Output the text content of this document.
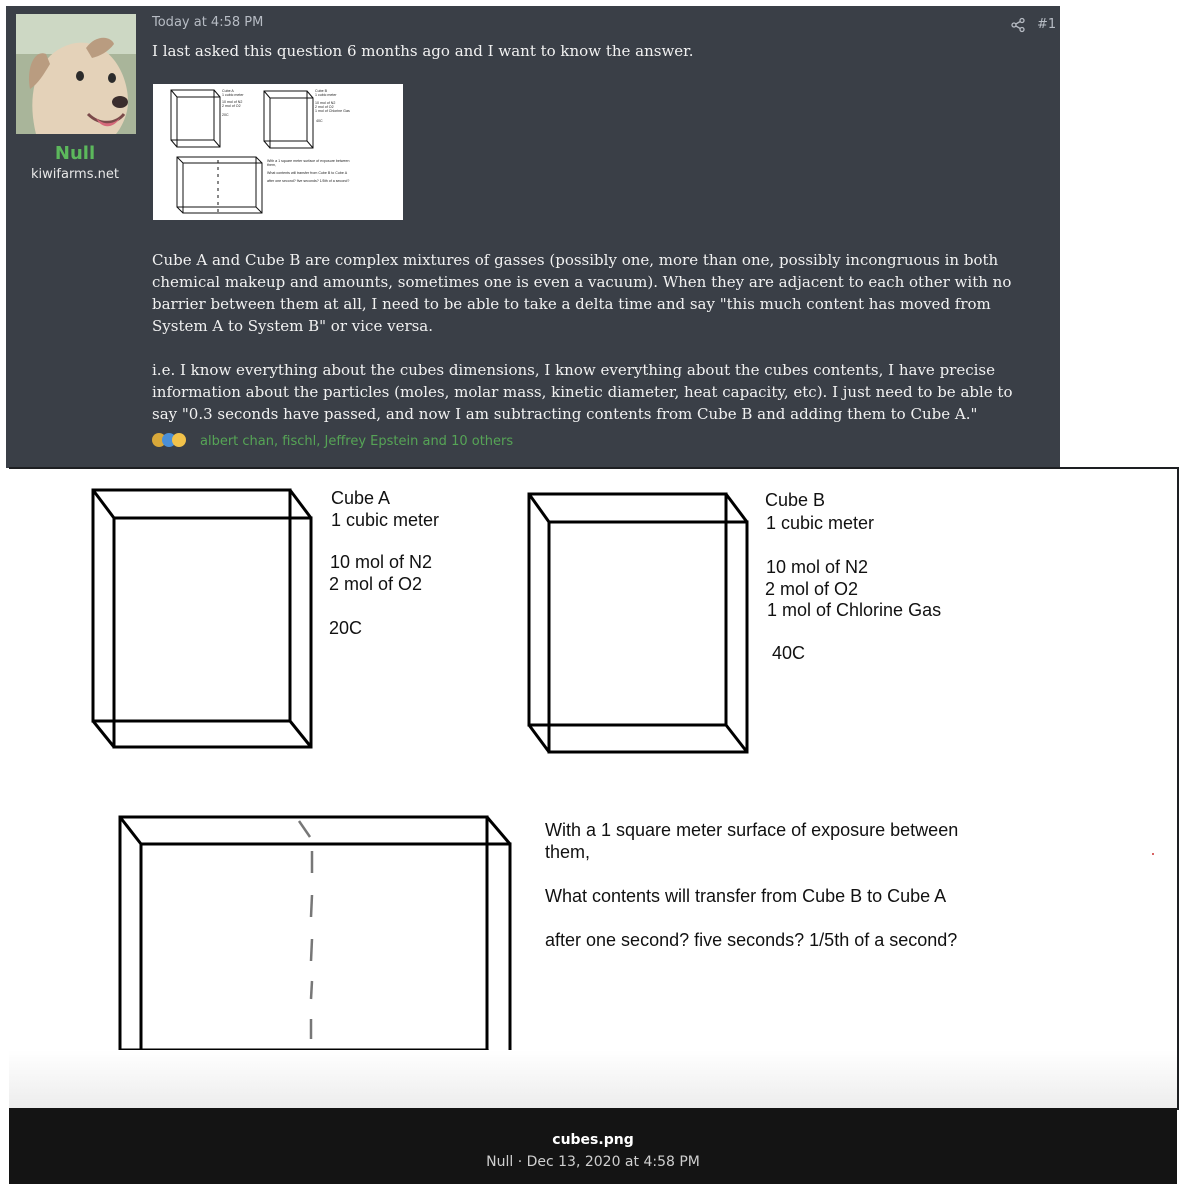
Null
kiwifarms.net
Today at 4:58 PM	#1
I last asked this question 6 months ago and I want to know the answer.
Cube A
1 cubic meter
10 mol of N2
2 mol of O2
20C
Cube B
1 cubic meter
10 mol of N2
2 mol of O2
1 mol of Chlorine Gas
40C
With a 1 square meter surface of exposure between
them,
What contents will transfer from Cube B to Cube A
after one second? five seconds? 1/5th of a second?
Cube A and Cube B are complex mixtures of gasses (possibly one, more than one, possibly incongruous in both chemical makeup and amounts, sometimes one is even a vacuum). When they are adjacent to each other with no barrier between them at all, I need to be able to take a delta time and say "this much content has moved from System A to System B" or vice versa.
i.e. I know everything about the cubes dimensions, I know everything about the cubes contents, I have precise information about the particles (moles, molar mass, kinetic diameter, heat capacity, etc). I just need to be able to say "0.3 seconds have passed, and now I am subtracting contents from Cube B and adding them to Cube A."
albert chan, fischl, Jeffrey Epstein and 10 others
Cube A
1 cubic meter
10 mol of N2
2 mol of O2
20C
Cube B
1 cubic meter
10 mol of N2
2 mol of O2
1 mol of Chlorine Gas
40C
With a 1 square meter surface of exposure between
them,
What contents will transfer from Cube B to Cube A
after one second? five seconds? 1/5th of a second?
cubes.png
Null · Dec 13, 2020 at 4:58 PM
